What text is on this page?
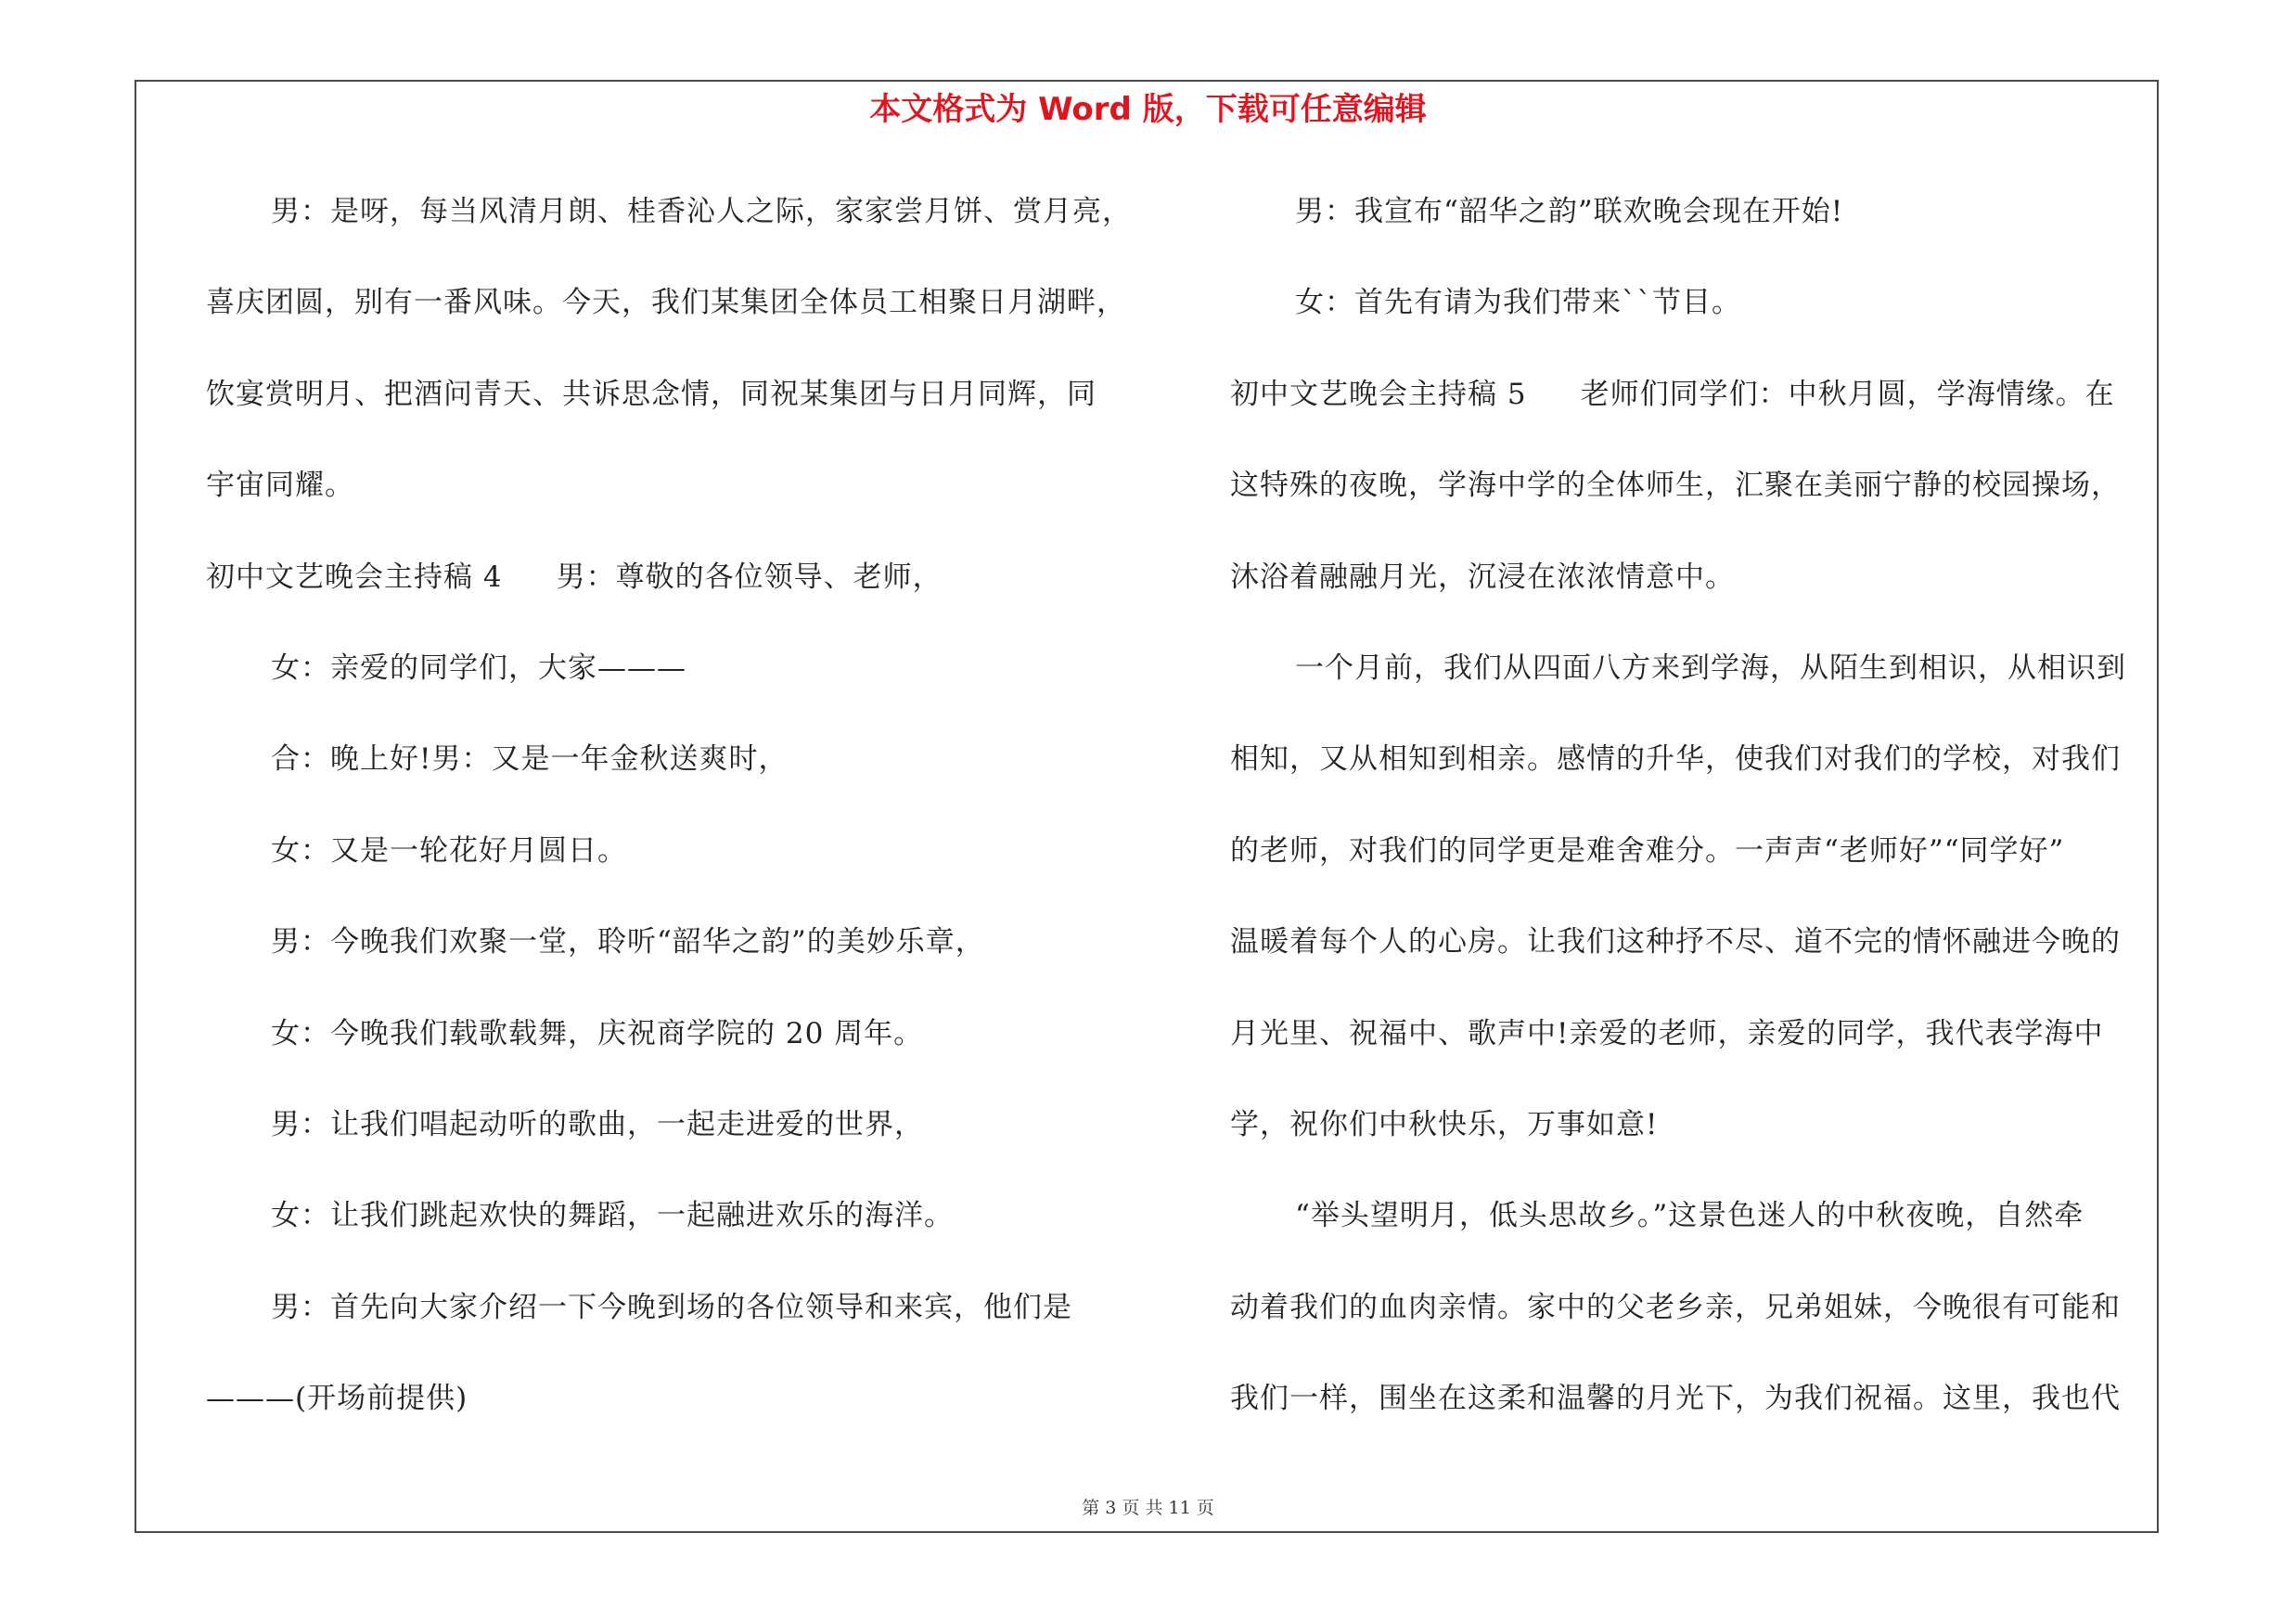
本文格式为 Word 版，下载可任意编辑
男：是呀，每当风清月朗、桂香沁人之际，家家尝月饼、赏月亮，
喜庆团圆，别有一番风味。今天，我们某集团全体员工相聚日月湖畔，
饮宴赏明月、把酒问青天、共诉思念情，同祝某集团与日月同辉，同
宇宙同耀。
初中文艺晚会主持稿 4 男：尊敬的各位领导、老师，
女：亲爱的同学们，大家———
合：晚上好!男：又是一年金秋送爽时，
女：又是一轮花好月圆日。
男：今晚我们欢聚一堂，聆听“韶华之韵”的美妙乐章，
女：今晚我们载歌载舞，庆祝商学院的 20 周年。
男：让我们唱起动听的歌曲，一起走进爱的世界，
女：让我们跳起欢快的舞蹈，一起融进欢乐的海洋。
男：首先向大家介绍一下今晚到场的各位领导和来宾，他们是
———(开场前提供)
男：我宣布“韶华之韵”联欢晚会现在开始!
女：首先有请为我们带来``节目。
初中文艺晚会主持稿 5 老师们同学们：中秋月圆，学海情缘。在
这特殊的夜晚，学海中学的全体师生，汇聚在美丽宁静的校园操场，
沐浴着融融月光，沉浸在浓浓情意中。
一个月前，我们从四面八方来到学海，从陌生到相识，从相识到
相知，又从相知到相亲。感情的升华，使我们对我们的学校，对我们
的老师，对我们的同学更是难舍难分。一声声“老师好”“同学好”
温暖着每个人的心房。让我们这种抒不尽、道不完的情怀融进今晚的
月光里、祝福中、歌声中!亲爱的老师，亲爱的同学，我代表学海中
学，祝你们中秋快乐，万事如意!
“举头望明月，低头思故乡。”这景色迷人的中秋夜晚，自然牵
动着我们的血肉亲情。家中的父老乡亲，兄弟姐妹，今晚很有可能和
我们一样，围坐在这柔和温馨的月光下，为我们祝福。这里，我也代
第 3 页 共 11 页
